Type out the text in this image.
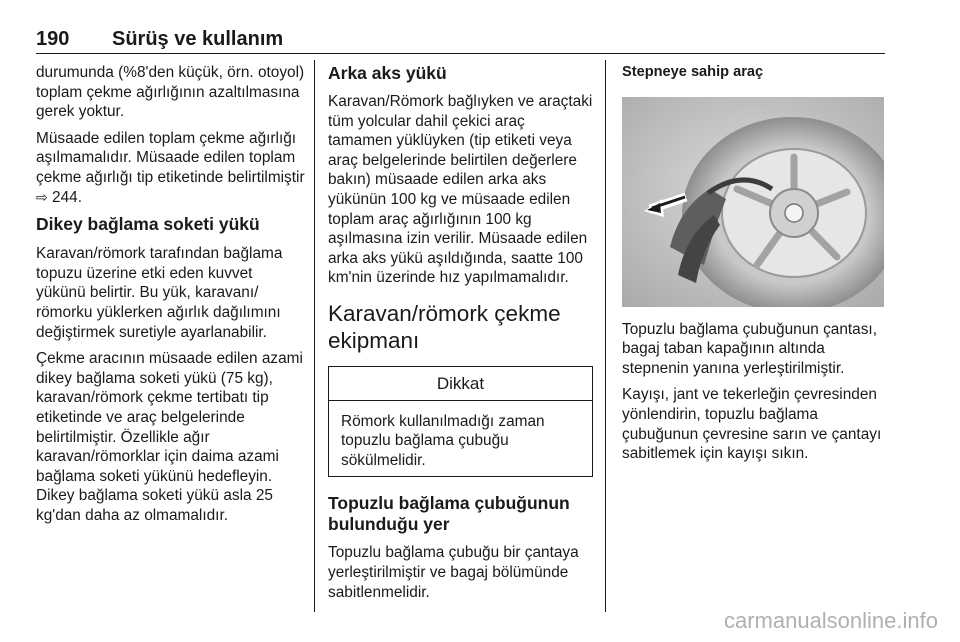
190 Sürüş ve kullanım

durumunda (%8'den küçük, örn. otoyol) toplam çekme ağırlığının azaltılmasına gerek yoktur.

Müsaade edilen toplam çekme ağırlığı aşılmamalıdır. Müsaade edilen toplam çekme ağırlığı tip etiketinde belirtilmiştir ⇨ 244.

Dikey bağlama soketi yükü

Karavan/römork tarafından bağlama topuzu üzerine etki eden kuvvet yükünü belirtir. Bu yük, karavanı/ römorku yüklerken ağırlık dağılımını değiştirmek suretiyle ayarlanabilir.

Çekme aracının müsaade edilen azami dikey bağlama soketi yükü (75 kg), karavan/römork çekme tertibatı tip etiketinde ve araç belgelerinde belirtilmiştir. Özellikle ağır karavan/römorklar için daima azami bağlama soketi yükünü hedefleyin. Dikey bağlama soketi yükü asla 25 kg'dan daha az olmamalıdır.

Arka aks yükü

Karavan/Römork bağlıyken ve araçtaki tüm yolcular dahil çekici araç tamamen yüklüyken (tip etiketi veya araç belgelerinde belirtilen değerlere bakın) müsaade edilen arka aks yükünün 100 kg ve müsaade edilen toplam araç ağırlığının 100 kg aşılmasına izin verilir. Müsaade edilen arka aks yükü aşıldığında, saatte 100 km'nin üzerinde hız yapılmamalıdır.

Karavan/römork çekme ekipmanı
Dikkat
Römork kullanılmadığı zaman topuzlu bağlama çubuğu sökülmelidir.
Topuzlu bağlama çubuğunun bulunduğu yer

Topuzlu bağlama çubuğu bir çantaya yerleştirilmiştir ve bagaj bölümünde sabitlenmelidir.

Stepneye sahip araç

Topuzlu bağlama çubuğunun çantası, bagaj taban kapağının altında stepnenin yanına yerleştirilmiştir.

Kayışı, jant ve tekerleğin çevresinden yönlendirin, topuzlu bağlama çubuğunun çevresine sarın ve çantayı sabitlemek için kayışı sıkın.

carmanualsonline.info
